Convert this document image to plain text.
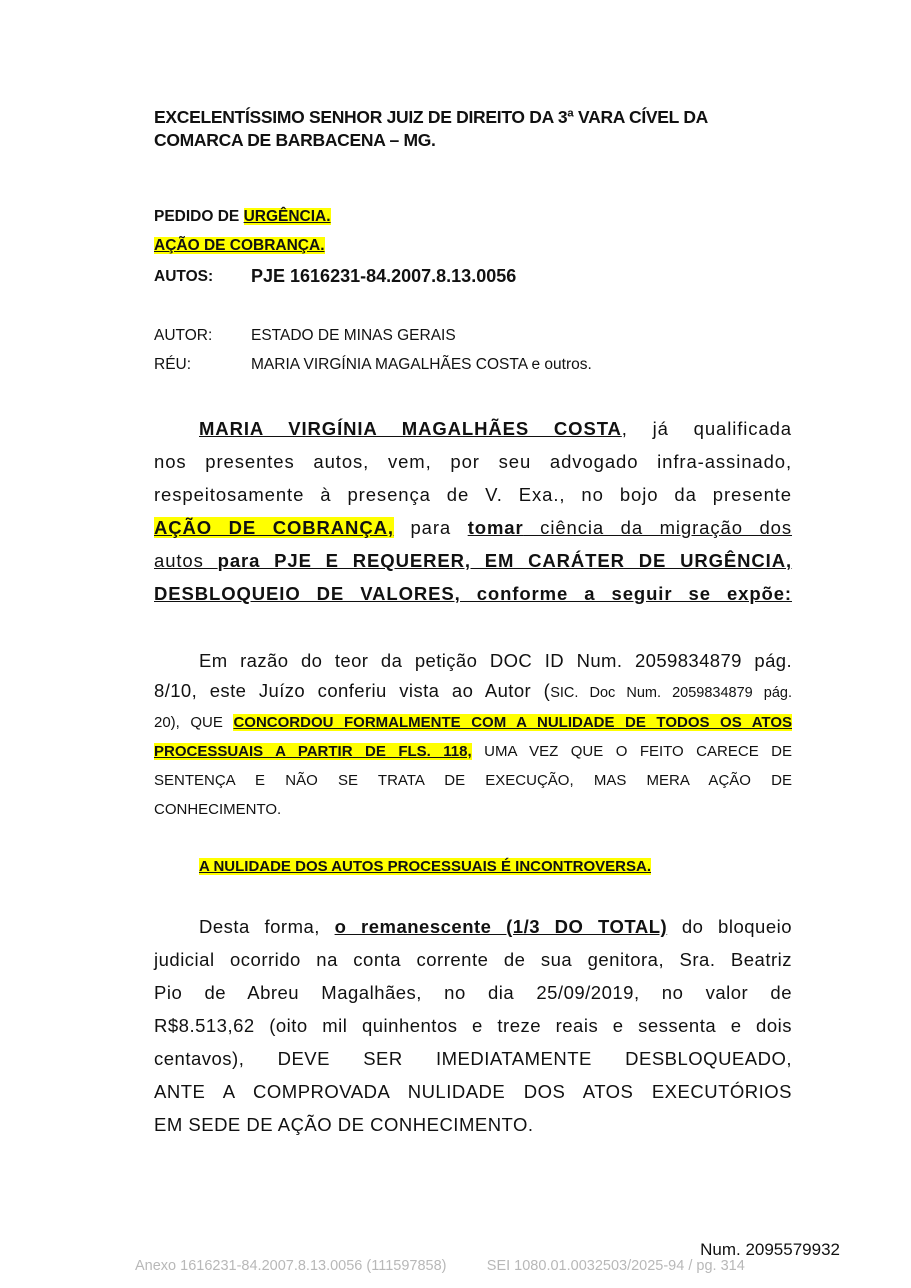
EXCELENTÍSSIMO SENHOR JUIZ DE DIREITO DA 3ª VARA CÍVEL DA
COMARCA DE BARBACENA – MG.
PEDIDO DE URGÊNCIA.
AÇÃO DE COBRANÇA.
AUTOS: PJE 1616231-84.2007.8.13.0056
AUTOR: ESTADO DE MINAS GERAIS
RÉU:	MARIA VIRGÍNIA MAGALHÃES COSTA e outros.
MARIA VIRGÍNIA MAGALHÃES COSTA, já qualificada
nos presentes autos, vem, por seu advogado infra-assinado,
respeitosamente à presença de V. Exa., no bojo da presente
AÇÃO DE COBRANÇA, para tomar ciência da migração dos
autos para PJE E REQUERER, EM CARÁTER DE URGÊNCIA,
DESBLOQUEIO DE VALORES, conforme a seguir se expõe:
Em razão do teor da petição DOC ID Num. 2059834879 pág.
8/10, este Juízo conferiu vista ao Autor (SIC. Doc Num. 2059834879 pág.
20), QUE CONCORDOU FORMALMENTE COM A NULIDADE DE TODOS OS ATOS
PROCESSUAIS A PARTIR DE FLS. 118, UMA VEZ QUE O FEITO CARECE DE
SENTENÇA E NÃO SE TRATA DE EXECUÇÃO, MAS MERA AÇÃO DE
CONHECIMENTO.
A NULIDADE DOS AUTOS PROCESSUAIS É INCONTROVERSA.
Desta forma, o remanescente (1/3 DO TOTAL) do bloqueio
judicial ocorrido na conta corrente de sua genitora, Sra. Beatriz
Pio de Abreu Magalhães, no dia 25/09/2019, no valor de
R$8.513,62 (oito mil quinhentos e treze reais e sessenta e dois
centavos), DEVE SER IMEDIATAMENTE DESBLOQUEADO,
ANTE A COMPROVADA NULIDADE DOS ATOS EXECUTÓRIOS
EM SEDE DE AÇÃO DE CONHECIMENTO.
Num. 2095579932
Anexo 1616231-84.2007.8.13.0056 (111597858)	SEI 1080.01.0032503/2025-94 / pg. 314
